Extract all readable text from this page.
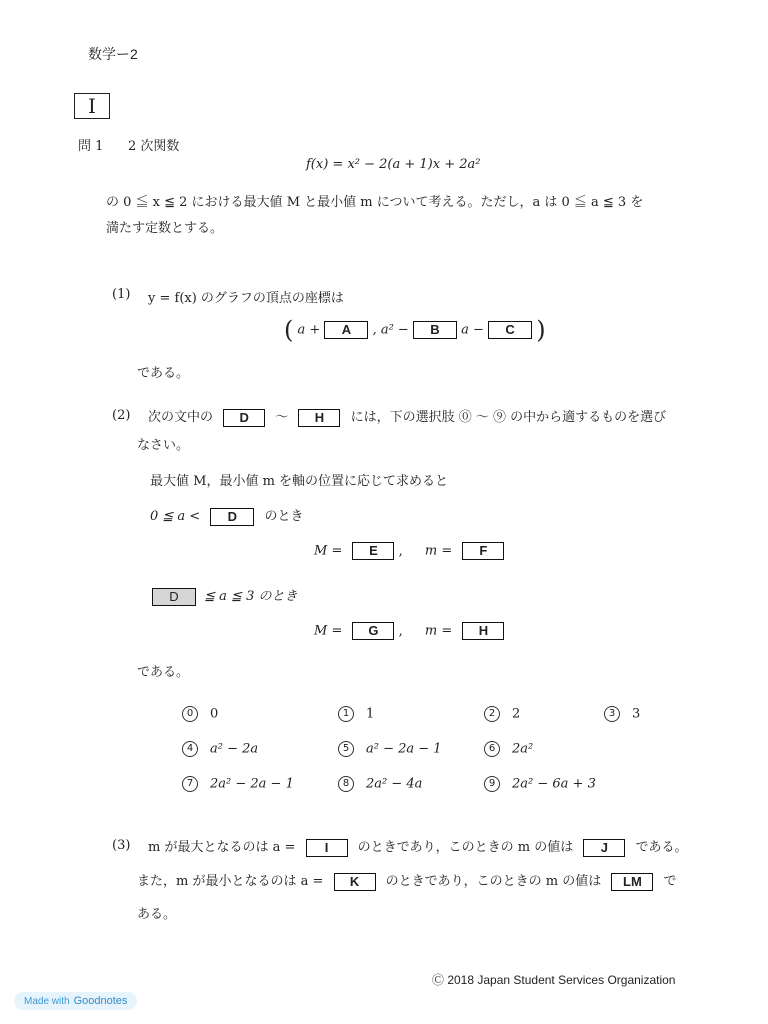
数学ー2
I
問 1 2 次関数
f(x) = x² − 2(a + 1)x + 2a²
の 0 ≦ x ≦ 2 における最大値 M と最小値 m について考える。ただし，a は 0 ≦ a ≦ 3 を
満たす定数とする。
(1) y = f(x) のグラフの頂点の座標は
( a + A , a² − B a − C )
である。
(2) 次の文中の D 〜 H には，下の選択肢 ⓪ 〜 ⑨ の中から適するものを選び
なさい。
最大値 M，最小値 m を軸の位置に応じて求めると
0 ≦ a < D のとき
M = E , m = F
D ≦ a ≦ 3 のとき
M = G , m = H
である。
0 0	1 1	2 2	3 3
4 a² − 2a	5 a² − 2a − 1	6 2a²
7 2a² − 2a − 1	8 2a² − 4a	9 2a² − 6a + 3
(3) m が最大となるのは a = I のときであり，このときの m の値は J である。
また，m が最小となるのは a = K のときであり，このときの m の値は LM で
ある。
Ⓒ 2018 Japan Student Services Organization
Made with Goodnotes
